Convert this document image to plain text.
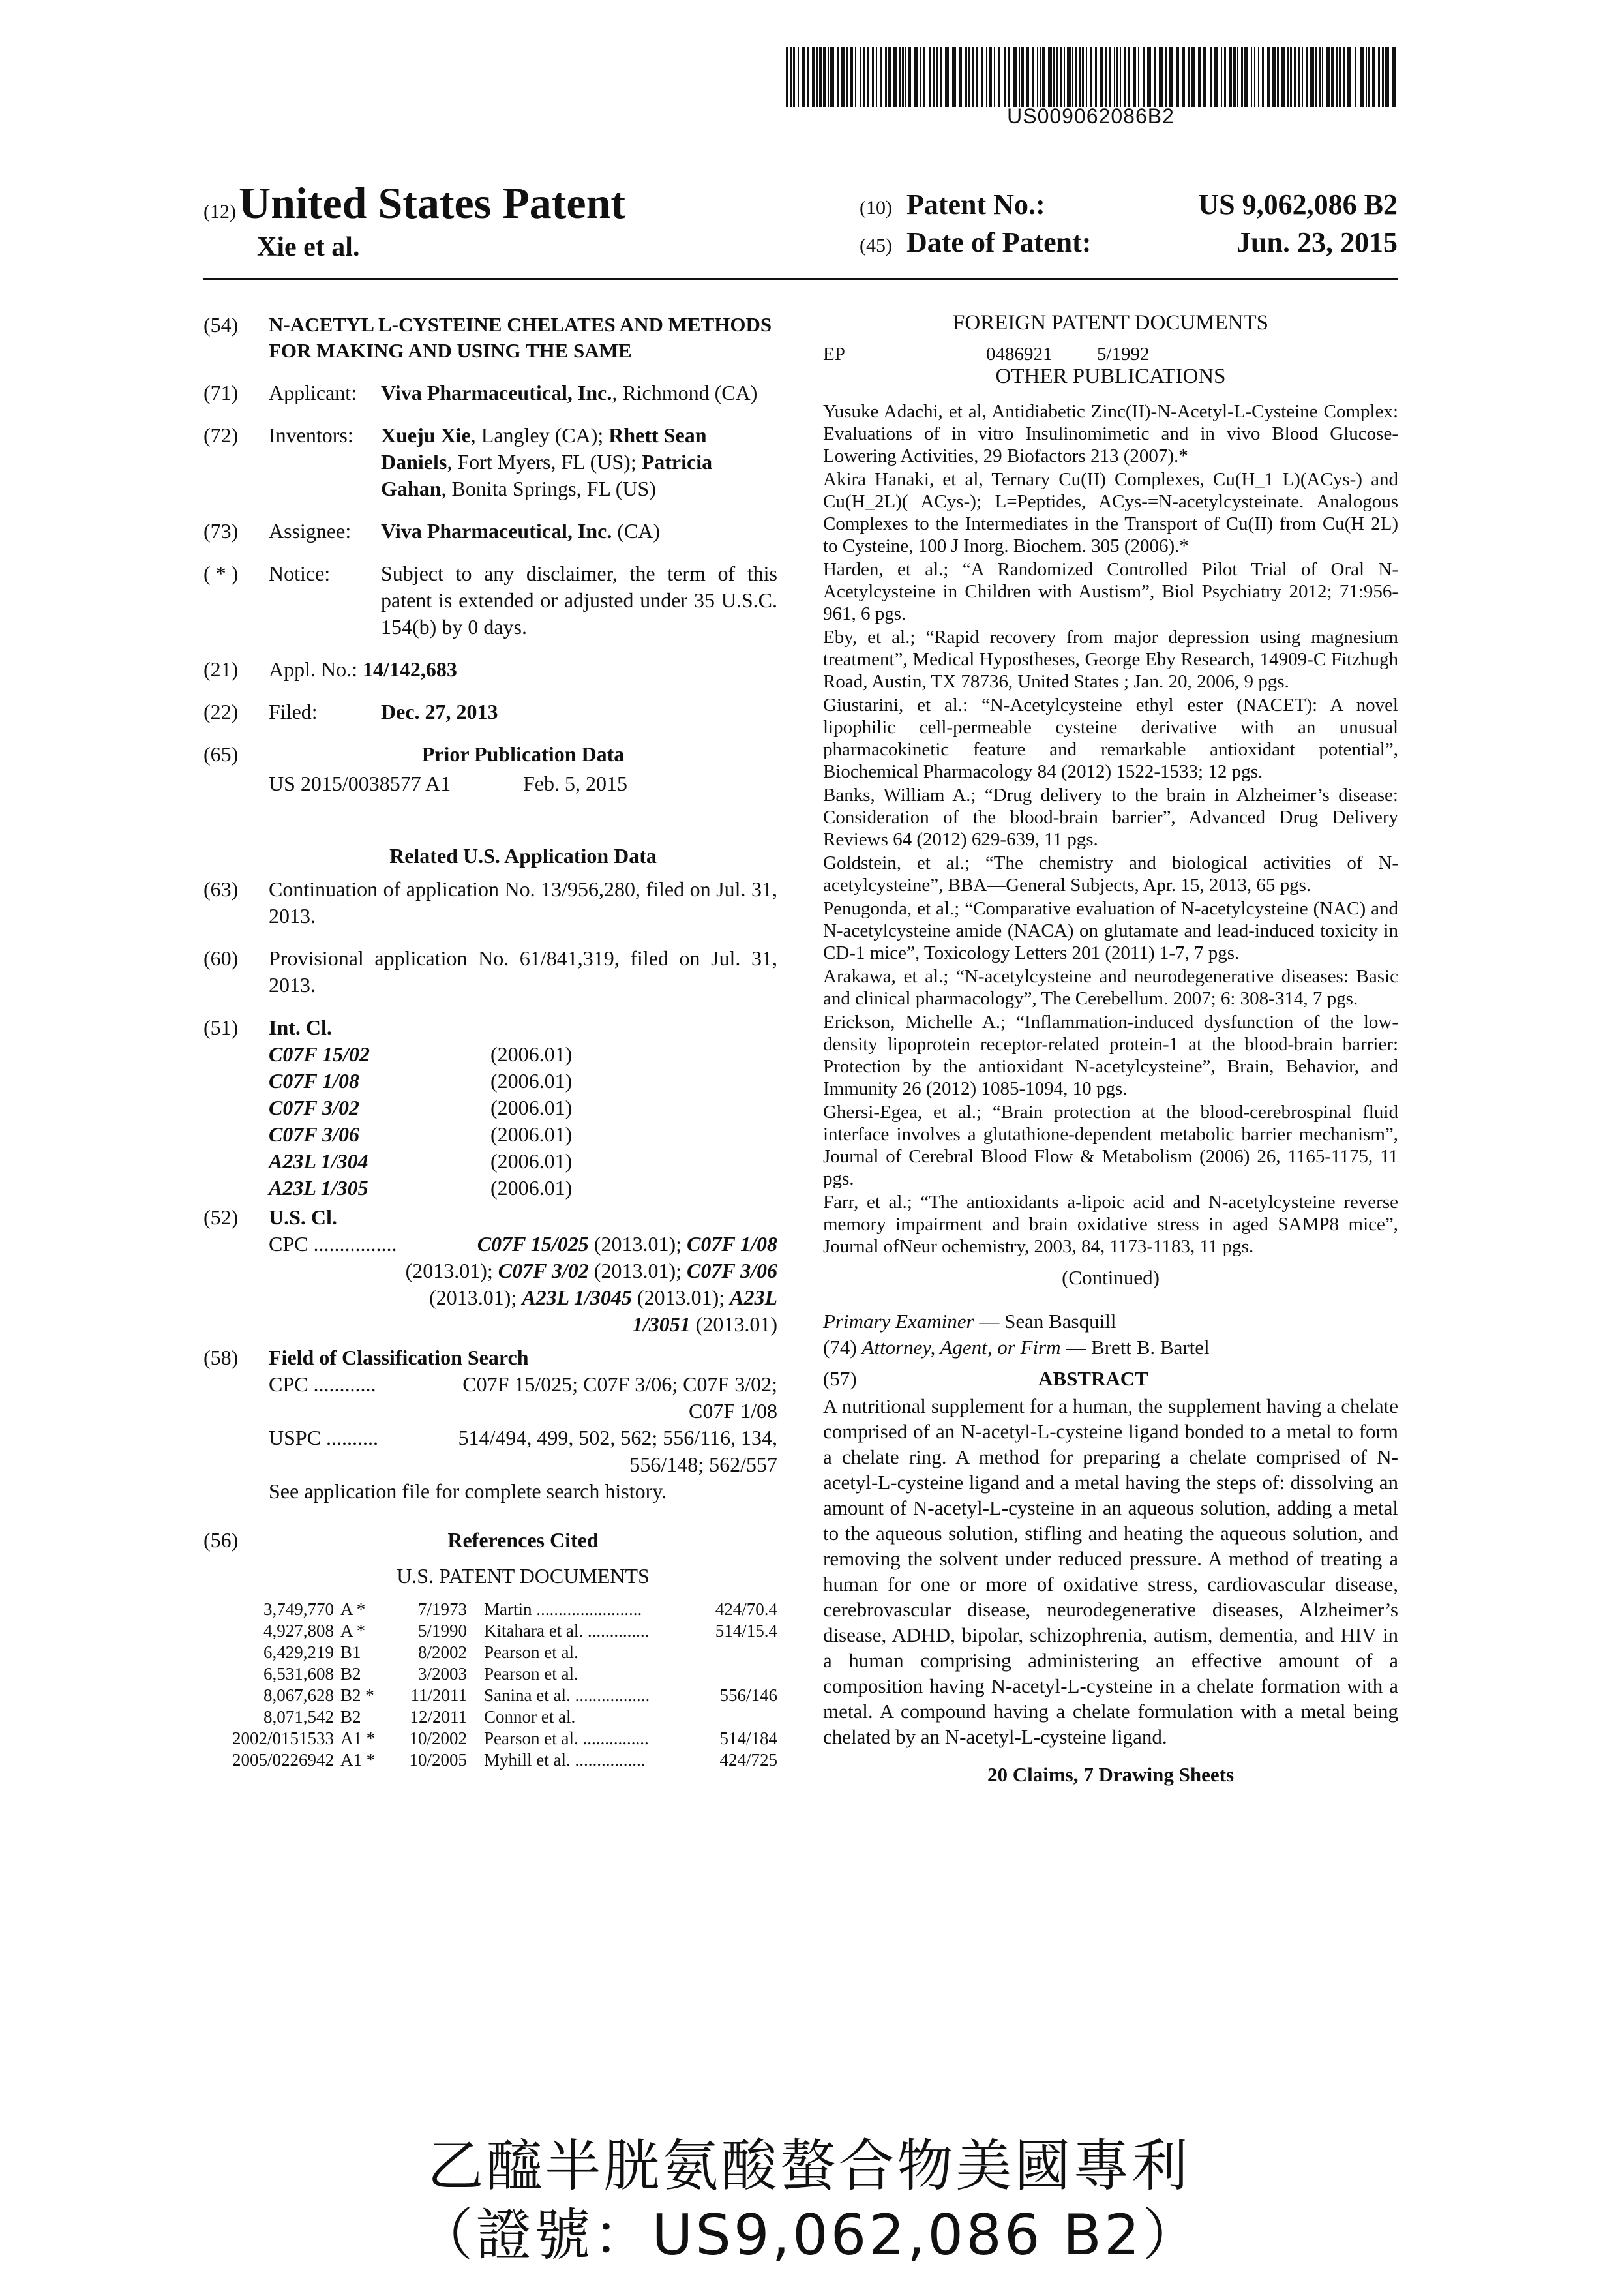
US009062086B2
(12) United States Patent
Xie et al.
(10) Patent No.:	US 9,062,086 B2
(45) Date of Patent:	Jun. 23, 2015
(54)	N-ACETYL L-CYSTEINE CHELATES AND METHODS FOR MAKING AND USING THE SAME
(71)	Applicant:	Viva Pharmaceutical, Inc., Richmond (CA)
(72)	Inventors:	Xueju Xie, Langley (CA); Rhett Sean Daniels, Fort Myers, FL (US); Patricia Gahan, Bonita Springs, FL (US)
(73)	Assignee:	Viva Pharmaceutical, Inc. (CA)
( * )	Notice:	Subject to any disclaimer, the term of this patent is extended or adjusted under 35 U.S.C. 154(b) by 0 days.
(21)	Appl. No.: 14/142,683
(22)	Filed:	Dec. 27, 2013
(65)	Prior Publication Data
US 2015/0038577 A1	Feb. 5, 2015
Related U.S. Application Data
(63)	Continuation of application No. 13/956,280, filed on Jul. 31, 2013.
(60)	Provisional application No. 61/841,319, filed on Jul. 31, 2013.
(51)	Int. Cl.
C07F 15/02	(2006.01)
C07F 1/08	(2006.01)
C07F 3/02	(2006.01)
C07F 3/06	(2006.01)
A23L 1/304	(2006.01)
A23L 1/305	(2006.01)
(52)	U.S. Cl.
CPC ................	C07F 15/025 (2013.01); C07F 1/08
(2013.01); C07F 3/02 (2013.01); C07F 3/06
(2013.01); A23L 1/3045 (2013.01); A23L
1/3051 (2013.01)
(58)	Field of Classification Search
CPC ............	C07F 15/025; C07F 3/06; C07F 3/02;
C07F 1/08
USPC ..........	514/494, 499, 502, 562; 556/116, 134,
556/148; 562/557
See application file for complete search history.
(56)	References Cited
U.S. PATENT DOCUMENTS
3,749,770 A *	7/1973 Martin ........................	424/70.4
4,927,808 A *	5/1990 Kitahara et al. ..............	514/15.4
6,429,219 B1	8/2002 Pearson et al.
6,531,608 B2	3/2003 Pearson et al.
8,067,628 B2 *	11/2011 Sanina et al. .................	556/146
8,071,542 B2	12/2011 Connor et al.
2002/0151533 A1 *	10/2002 Pearson et al. ...............	514/184
2005/0226942 A1 *	10/2005 Myhill et al. ................	424/725
FOREIGN PATENT DOCUMENTS
EP	0486921	5/1992
OTHER PUBLICATIONS
Yusuke Adachi, et al, Antidiabetic Zinc(II)-N-Acetyl-L-Cysteine Complex: Evaluations of in vitro Insulinomimetic and in vivo Blood Glucose-Lowering Activities, 29 Biofactors 213 (2007).*
Akira Hanaki, et al, Ternary Cu(II) Complexes, Cu(H_1 L)(ACys-) and Cu(H_2L)( ACys-); L=Peptides, ACys-=N-acetylcysteinate. Analogous Complexes to the Intermediates in the Transport of Cu(II) from Cu(H 2L) to Cysteine, 100 J Inorg. Biochem. 305 (2006).*
Harden, et al.; “A Randomized Controlled Pilot Trial of Oral N-Acetylcysteine in Children with Austism”, Biol Psychiatry 2012; 71:956-961, 6 pgs.
Eby, et al.; “Rapid recovery from major depression using magnesium treatment”, Medical Hypostheses, George Eby Research, 14909-C Fitzhugh Road, Austin, TX 78736, United States ; Jan. 20, 2006, 9 pgs.
Giustarini, et al.: “N-Acetylcysteine ethyl ester (NACET): A novel lipophilic cell-permeable cysteine derivative with an unusual pharmacokinetic feature and remarkable antioxidant potential”, Biochemical Pharmacology 84 (2012) 1522-1533; 12 pgs.
Banks, William A.; “Drug delivery to the brain in Alzheimer’s disease: Consideration of the blood-brain barrier”, Advanced Drug Delivery Reviews 64 (2012) 629-639, 11 pgs.
Goldstein, et al.; “The chemistry and biological activities of N-acetylcysteine”, BBA—General Subjects, Apr. 15, 2013, 65 pgs.
Penugonda, et al.; “Comparative evaluation of N-acetylcysteine (NAC) and N-acetylcysteine amide (NACA) on glutamate and lead-induced toxicity in CD-1 mice”, Toxicology Letters 201 (2011) 1-7, 7 pgs.
Arakawa, et al.; “N-acetylcysteine and neurodegenerative diseases: Basic and clinical pharmacology”, The Cerebellum. 2007; 6: 308-314, 7 pgs.
Erickson, Michelle A.; “Inflammation-induced dysfunction of the low-density lipoprotein receptor-related protein-1 at the blood-brain barrier: Protection by the antioxidant N-acetylcysteine”, Brain, Behavior, and Immunity 26 (2012) 1085-1094, 10 pgs.
Ghersi-Egea, et al.; “Brain protection at the blood-cerebrospinal fluid interface involves a glutathione-dependent metabolic barrier mechanism”, Journal of Cerebral Blood Flow & Metabolism (2006) 26, 1165-1175, 11 pgs.
Farr, et al.; “The antioxidants a-lipoic acid and N-acetylcysteine reverse memory impairment and brain oxidative stress in aged SAMP8 mice”, Journal ofNeur ochemistry, 2003, 84, 1173-1183, 11 pgs.
(Continued)
Primary Examiner — Sean Basquill
(74) Attorney, Agent, or Firm — Brett B. Bartel
(57)	ABSTRACT
A nutritional supplement for a human, the supplement having a chelate comprised of an N-acetyl-L-cysteine ligand bonded to a metal to form a chelate ring. A method for preparing a chelate comprised of N-acetyl-L-cysteine ligand and a metal having the steps of: dissolving an amount of N-acetyl-L-cysteine in an aqueous solution, adding a metal to the aqueous solution, stifling and heating the aqueous solution, and removing the solvent under reduced pressure. A method of treating a human for one or more of oxidative stress, cardiovascular disease, cerebrovascular disease, neurodegenerative diseases, Alzheimer’s disease, ADHD, bipolar, schizophrenia, autism, dementia, and HIV in a human comprising administering an effective amount of a composition having N-acetyl-L-cysteine in a chelate formation with a metal. A compound having a chelate formulation with a metal being chelated by an N-acetyl-L-cysteine ligand.
20 Claims, 7 Drawing Sheets
乙醯半胱氨酸螯合物美國專利
（證號：US9,062,086 B2）
